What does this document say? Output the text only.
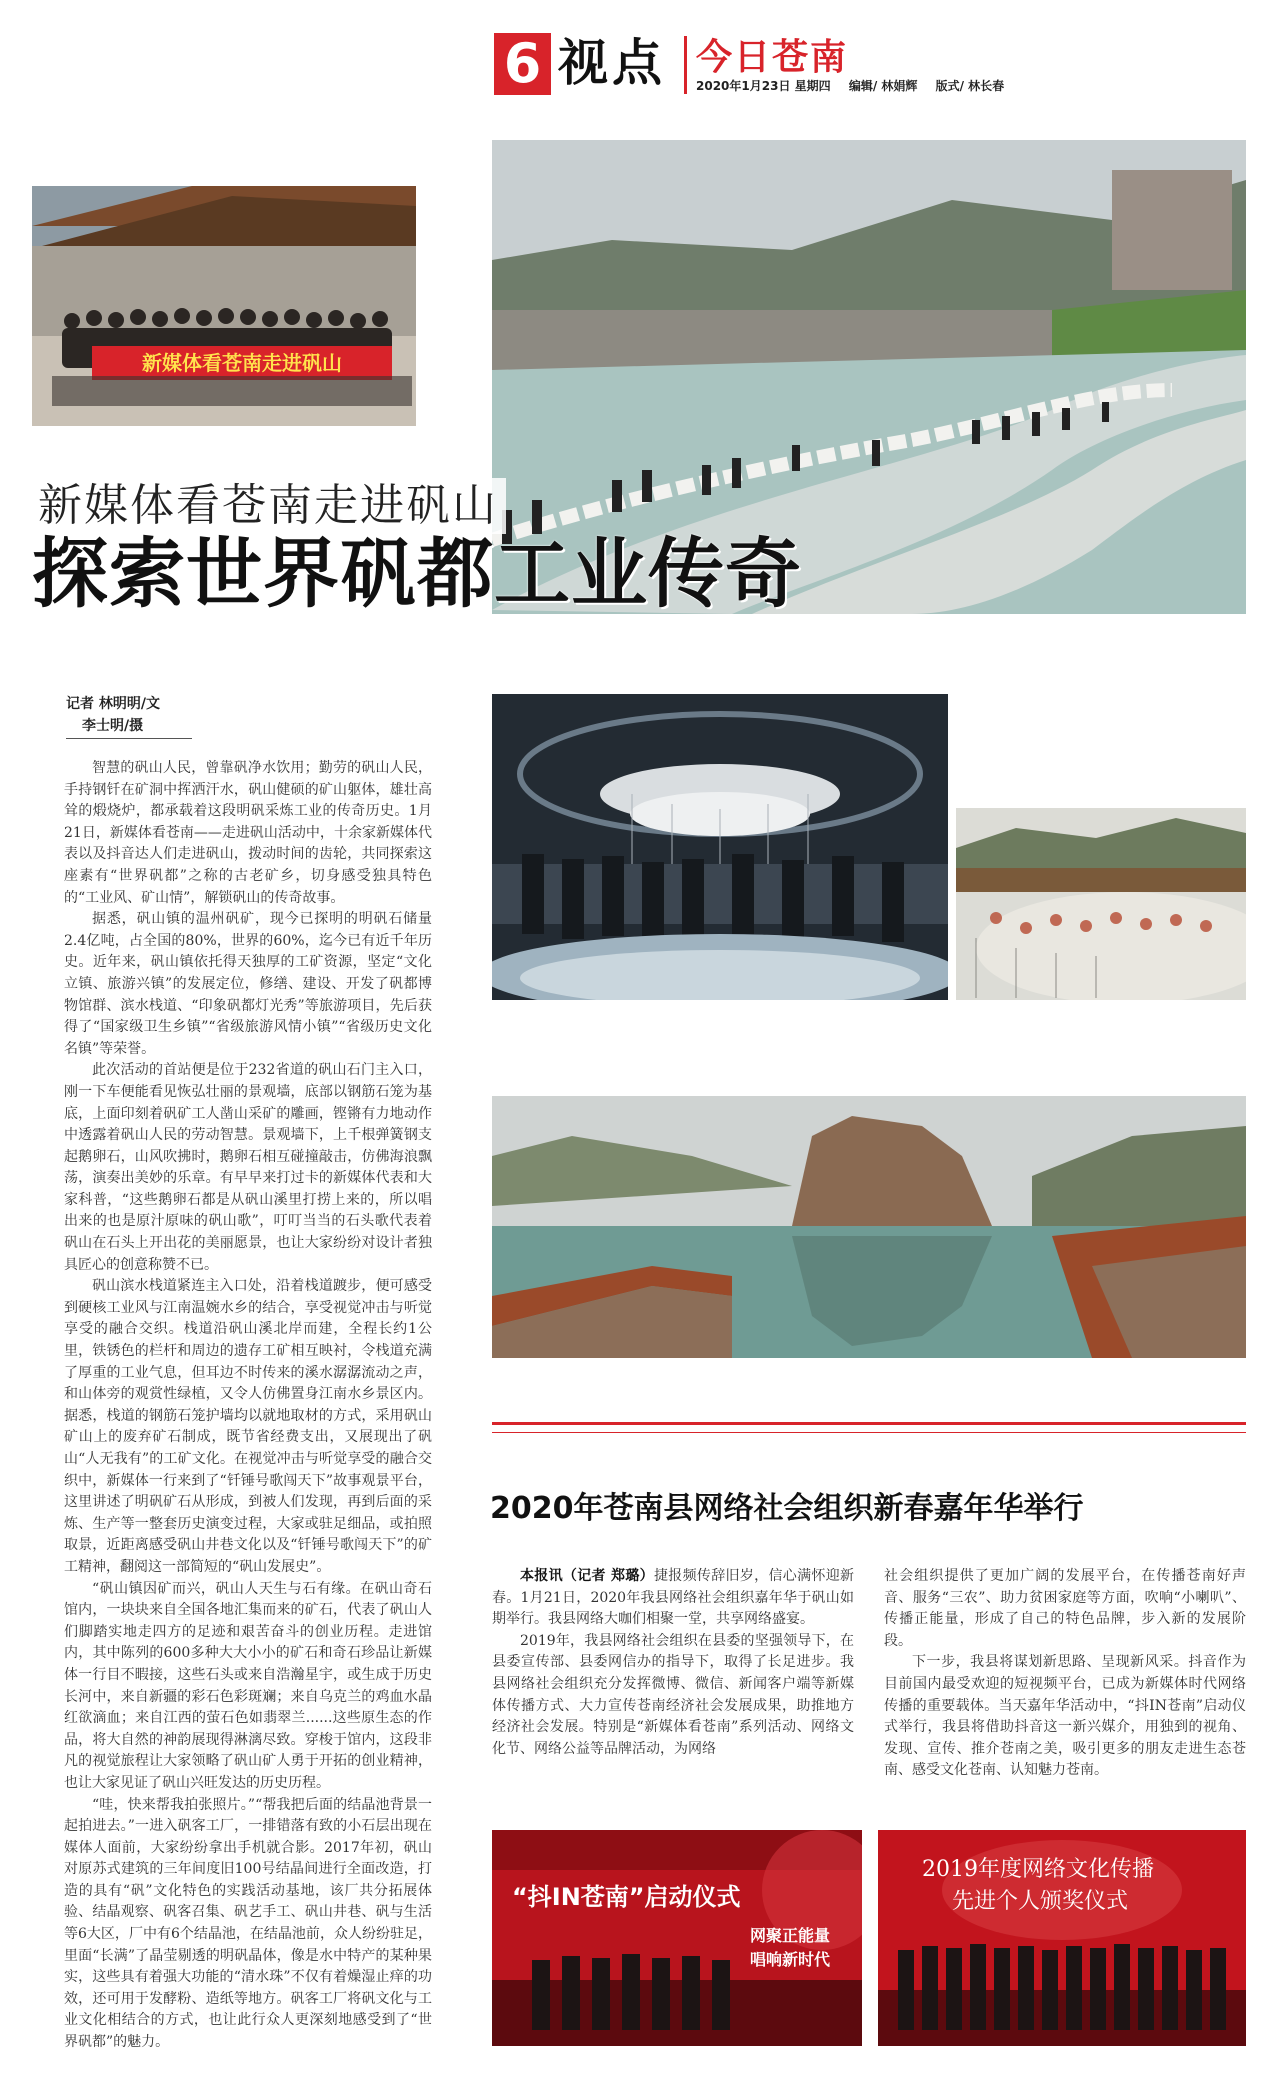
6 视点 今日苍南
2020年1月23日 星期四 编辑/ 林娟辉 版式/ 林长春
新媒体看苍南走进矾山
新媒体看苍南走进矾山
探索世界矾都工业传奇
记者 林明明/文
李士明/摄

智慧的矾山人民，曾靠矾净水饮用；勤劳的矾山人民，手持钢钎在矿洞中挥洒汗水，矾山健硕的矿山躯体，雄壮高耸的煅烧炉，都承载着这段明矾采炼工业的传奇历史。1月21日，新媒体看苍南——走进矾山活动中，十余家新媒体代表以及抖音达人们走进矾山，拨动时间的齿轮，共同探索这座素有“世界矾都”之称的古老矿乡，切身感受独具特色的“工业风、矿山情”，解锁矾山的传奇故事。

据悉，矾山镇的温州矾矿，现今已探明的明矾石储量2.4亿吨，占全国的80%，世界的60%，迄今已有近千年历史。近年来，矾山镇依托得天独厚的工矿资源，坚定“文化立镇、旅游兴镇”的发展定位，修缮、建设、开发了矾都博物馆群、滨水栈道、“印象矾都灯光秀”等旅游项目，先后获得了“国家级卫生乡镇”“省级旅游风情小镇”“省级历史文化名镇”等荣誉。

此次活动的首站便是位于232省道的矾山石门主入口，刚一下车便能看见恢弘壮丽的景观墙，底部以钢筋石笼为基底，上面印刻着矾矿工人凿山采矿的雕画，铿锵有力地动作中透露着矾山人民的劳动智慧。景观墙下，上千根弹簧钢支起鹅卵石，山风吹拂时，鹅卵石相互碰撞敲击，仿佛海浪飘荡，演奏出美妙的乐章。有早早来打过卡的新媒体代表和大家科普，“这些鹅卵石都是从矾山溪里打捞上来的，所以唱出来的也是原汁原味的矾山歌”，叮叮当当的石头歌代表着矾山在石头上开出花的美丽愿景，也让大家纷纷对设计者独具匠心的创意称赞不已。

矾山滨水栈道紧连主入口处，沿着栈道踱步，便可感受到硬核工业风与江南温婉水乡的结合，享受视觉冲击与听觉享受的融合交织。栈道沿矾山溪北岸而建，全程长约1公里，铁锈色的栏杆和周边的遗存工矿相互映衬，令栈道充满了厚重的工业气息，但耳边不时传来的溪水潺潺流动之声，和山体旁的观赏性绿植，又令人仿佛置身江南水乡景区内。据悉，栈道的钢筋石笼护墙均以就地取材的方式，采用矾山矿山上的废弃矿石制成，既节省经费支出，又展现出了矾山“人无我有”的工矿文化。在视觉冲击与听觉享受的融合交织中，新媒体一行来到了“钎锤号歌闯天下”故事观景平台，这里讲述了明矾矿石从形成，到被人们发现，再到后面的采炼、生产等一整套历史演变过程，大家或驻足细品，或拍照取景，近距离感受矾山井巷文化以及“钎锤号歌闯天下”的矿工精神，翻阅这一部简短的“矾山发展史”。

“矾山镇因矿而兴，矾山人天生与石有缘。在矾山奇石馆内，一块块来自全国各地汇集而来的矿石，代表了矾山人们脚踏实地走四方的足迹和艰苦奋斗的创业历程。走进馆内，其中陈列的600多种大大小小的矿石和奇石珍品让新媒体一行目不暇接，这些石头或来自浩瀚星宇，或生成于历史长河中，来自新疆的彩石色彩斑斓；来自乌克兰的鸡血水晶红欲滴血；来自江西的萤石色如翡翠兰......这些原生态的作品，将大自然的神韵展现得淋漓尽致。穿梭于馆内，这段非凡的视觉旅程让大家领略了矾山矿人勇于开拓的创业精神，也让大家见证了矾山兴旺发达的历史历程。

“哇，快来帮我拍张照片。”“帮我把后面的结晶池背景一起拍进去。”一进入矾客工厂，一排错落有致的小石层出现在媒体人面前，大家纷纷拿出手机就合影。2017年初，矾山对原苏式建筑的三年间度旧100号结晶间进行全面改造，打造的具有“矾”文化特色的实践活动基地，该厂共分拓展体验、结晶观察、矾客召集、矾艺手工、矾山井巷、矾与生活等6大区，厂中有6个结晶池，在结晶池前，众人纷纷驻足，里面“长满”了晶莹剔透的明矾晶体，像是水中特产的某种果实，这些具有着强大功能的“清水珠”不仅有着燥湿止痒的功效，还可用于发酵粉、造纸等地方。矾客工厂将矾文化与工业文化相结合的方式，也让此行众人更深刻地感受到了“世界矾都”的魅力。

2020年苍南县网络社会组织新春嘉年华举行

本报讯（记者 郑璐）捷报频传辞旧岁，信心满怀迎新春。1月21日，2020年我县网络社会组织嘉年华于矾山如期举行。我县网络大咖们相聚一堂，共享网络盛宴。

2019年，我县网络社会组织在县委的坚强领导下，在县委宣传部、县委网信办的指导下，取得了长足进步。我县网络社会组织充分发挥微博、微信、新闻客户端等新媒体传播方式、大力宣传苍南经济社会发展成果，助推地方经济社会发展。特别是“新媒体看苍南”系列活动、网络文化节、网络公益等品牌活动，为网络

社会组织提供了更加广阔的发展平台，在传播苍南好声音、服务“三农”、助力贫困家庭等方面，吹响“小喇叭”、传播正能量，形成了自己的特色品牌，步入新的发展阶段。

下一步，我县将谋划新思路、呈现新风采。抖音作为目前国内最受欢迎的短视频平台，已成为新媒体时代网络传播的重要载体。当天嘉年华活动中，“抖IN苍南”启动仪式举行，我县将借助抖音这一新兴媒介，用独到的视角、发现、宣传、推介苍南之美，吸引更多的朋友走进生态苍南、感受文化苍南、认知魅力苍南。

“抖IN苍南”启动仪式
网聚正能量
唱响新时代
2019年度网络文化传播
先进个人颁奖仪式
